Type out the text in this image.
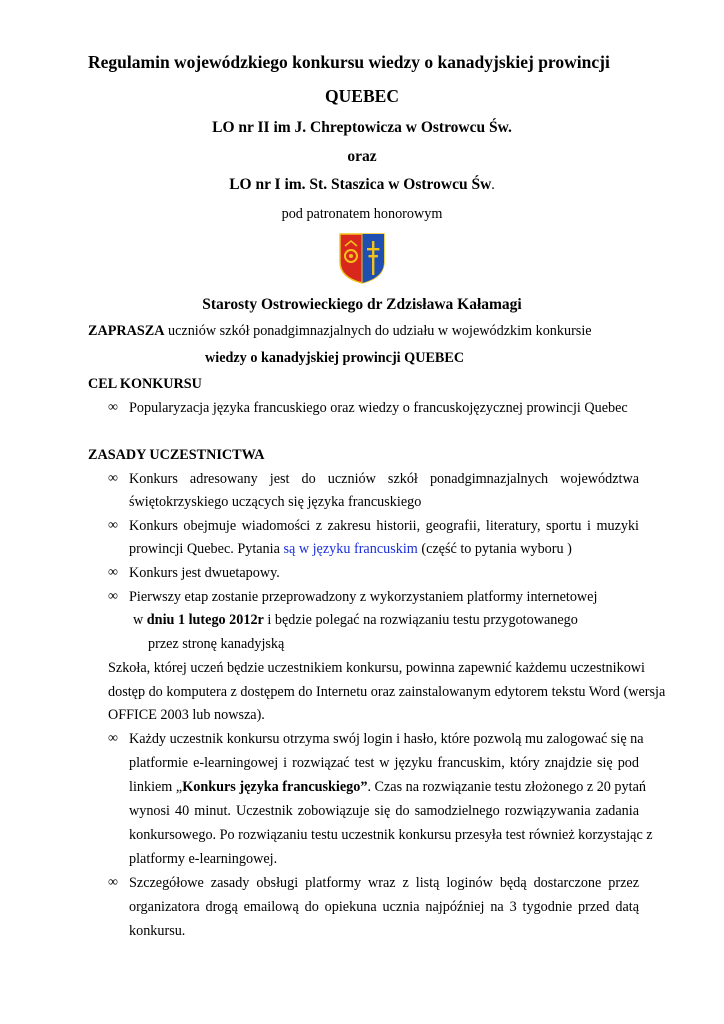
Regulamin wojewódzkiego konkursu wiedzy o kanadyjskiej prowincji
QUEBEC
LO nr II im J. Chreptowicza w Ostrowcu Św.
oraz
LO nr I im. St. Staszica w Ostrowcu Św.
pod patronatem honorowym
Starosty Ostrowieckiego dr Zdzisława Kałamagi
ZAPRASZA uczniów szkół ponadgimnazjalnych do udziału w wojewódzkim konkursie
wiedzy o kanadyjskiej prowincji QUEBEC
CEL KONKURSU
∞ Popularyzacja języka francuskiego oraz wiedzy o francuskojęzycznej prowincji Quebec
ZASADY UCZESTNICTWA
∞ Konkurs adresowany jest do uczniów szkół ponadgimnazjalnych województwa
świętokrzyskiego uczących się języka francuskiego
∞ Konkurs obejmuje wiadomości z zakresu historii, geografii, literatury, sportu i muzyki
prowincji Quebec. Pytania są w języku francuskim (część to pytania wyboru )
∞ Konkurs jest dwuetapowy.
∞ Pierwszy etap zostanie przeprowadzony z wykorzystaniem platformy internetowej
w dniu 1 lutego 2012r i będzie polegać na rozwiązaniu testu przygotowanego
przez stronę kanadyjską
Szkoła, której uczeń będzie uczestnikiem konkursu, powinna zapewnić każdemu uczestnikowi
dostęp do komputera z dostępem do Internetu oraz zainstalowanym edytorem tekstu Word (wersja
OFFICE 2003 lub nowsza).
∞ Każdy uczestnik konkursu otrzyma swój login i hasło, które pozwolą mu zalogować się na
platformie e-learningowej i rozwiązać test w języku francuskim, który znajdzie się pod
linkiem „Konkurs języka francuskiego”. Czas na rozwiązanie testu złożonego z 20 pytań
wynosi 40 minut. Uczestnik zobowiązuje się do samodzielnego rozwiązywania zadania
konkursowego. Po rozwiązaniu testu uczestnik konkursu przesyła test również korzystając z
platformy e-learningowej.
∞ Szczegółowe zasady obsługi platformy wraz z listą loginów będą dostarczone przez
organizatora drogą emailową do opiekuna ucznia najpóźniej na 3 tygodnie przed datą
konkursu.
